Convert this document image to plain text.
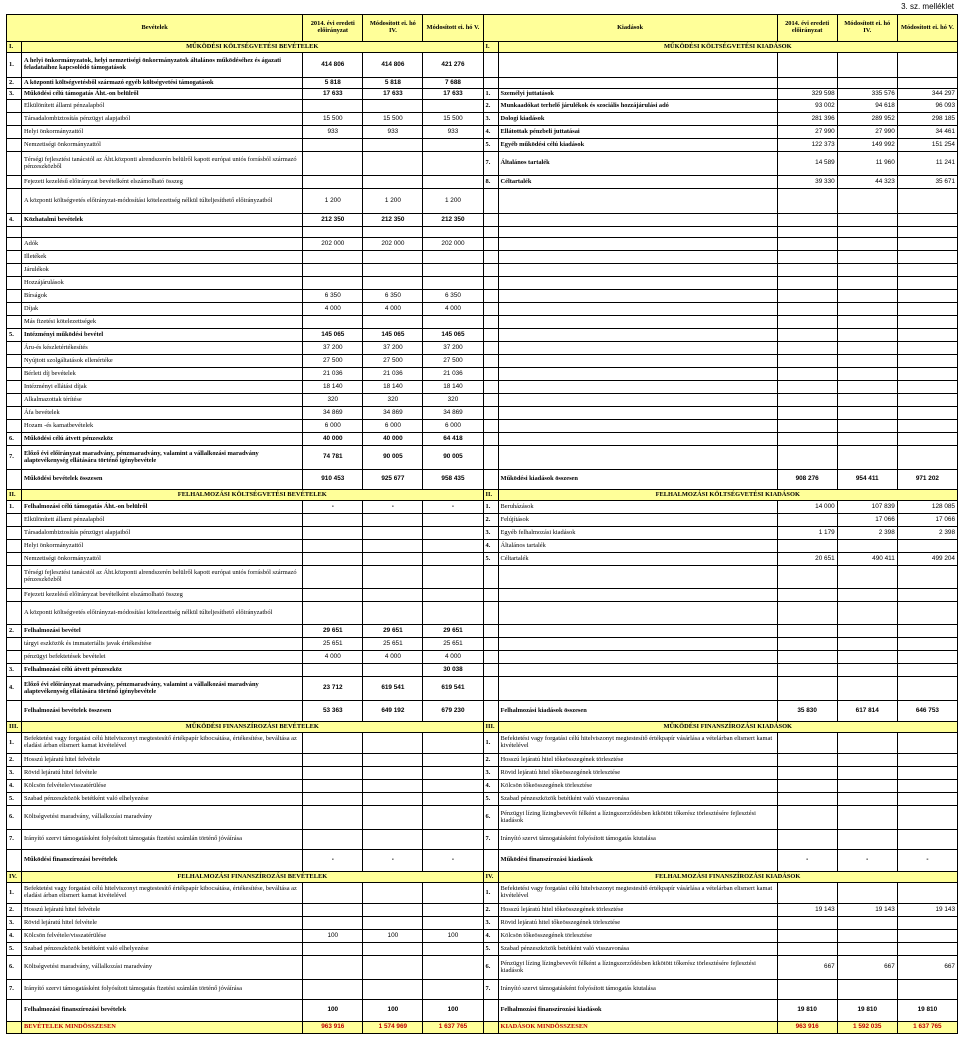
3. sz. melléklet
Bevételek		2014. évi eredeti előirányzat	Módosított ei. hó IV.	Módosított ei. hó V.	Kiadások		2014. évi eredeti előirányzat	Módosított ei. hó IV.	Módosított ei. hó V.
I.	MŰKÖDÉSI KÖLTSÉGVETÉSI BEVÉTELEK				I.	MŰKÖDÉSI KÖLTSÉGVETÉSI KIADÁSOK			
1.	A helyi önkormányzatok, helyi nemzetiségi önkormányzatok általános működéséhez és ágazati feladataihoz kapcsolódó támogatások	414 806	414 806	421 276					
2.	A központi költségvetésből származó egyéb költségvetési támogatások	5 818	5 818	7 688					
3.	Működési célú támogatás Áht.-on belülről	17 633	17 633	17 633	1.	Személyi juttatások	329 598	335 576	344 297
	Elkülönített állami pénzalapból				2.	Munkaadókat terhelő járulékok és szociális hozzájárulási adó	93 002	94 618	96 093
	Társadalombiztosítás pénzügyi alapjaiból	15 500	15 500	15 500	3.	Dologi kiadások	281 396	289 952	298 185
	Helyi önkormányzattól	933	933	933	4.	Ellátottak pénzbeli juttatásai	27 990	27 990	34 461
	Nemzetiségi önkormányzattól				5.	Egyéb működési célú kiadások	122 373	149 992	151 254
	Térségi fejlesztési tanácstól az Áht.központi alrendszerén belülről kapott európai uniós forrásból származó pénzeszközből				7.	Általános tartalék	14 589	11 960	11 241
	Fejezeti kezelésű előirányzat bevételként elszámolható összeg				8.	Céltartalék	39 330	44 323	35 671
	A központi költségvetés előirányzat-módosítási kötelezettség nélkül túlteljesíthető előirányzatból	1 200	1 200	1 200					
4.	Közhatalmi bevételek	212 350	212 350	212 350					

	Adók	202 000	202 000	202 000					
	Illetékek								
	Járulékok								
	Hozzájárulások								
	Bírságok	6 350	6 350	6 350					
	Díjak	4 000	4 000	4 000					
	Más fizetési kötelezettségek								
5.	Intézményi működési bevétel	145 065	145 065	145 065					
	Áru-és készletértékesítés	37 200	37 200	37 200					
	Nyújtott szolgáltatások ellenértéke	27 500	27 500	27 500					
	Bérleti díj bevételek	21 036	21 036	21 036					
	Intézményi ellátási díjak	18 140	18 140	18 140					
	Alkalmazottak térítése	320	320	320					
	Áfa bevételek	34 869	34 869	34 869					
	Hozam -és kamatbevételek	6 000	6 000	6 000					
6.	Működési célú átvett pénzeszköz	40 000	40 000	64 418					
7.	Előző évi előirányzat maradvány, pénzmaradvány, valamint a vállalkozási maradvány alaptevékenység ellátására történő igénybevétele	74 781	90 005	90 005					
	Működési bevételek összesen	910 453	925 677	958 435		Működési kiadások összesen	908 276	954 411	971 202
II.	FELHALMOZÁSI KÖLTSÉGVETÉSI BEVÉTELEK				II.	FELHALMOZÁSI KÖLTSÉGVETÉSI KIADÁSOK			
1.	Felhalmozási célú támogatás Áht.-on belülről	-	-	-	1.	Beruházások	14 000	107 839	128 085
	Elkülönített állami pénzalapból				2.	Felújítások		17 066	17 066
	Társadalombiztosítás pénzügyi alapjaiból				3.	Egyéb felhalmozási kiadások	1 179	2 398	2 398
	Helyi önkormányzattól				4.	Általános tartalék			
	Nemzetiségi önkormányzattól				5.	Céltartalék	20 651	490 411	499 204
	Térségi fejlesztési tanácstól az Áht.központi alrendszerén belülről kapott európai uniós forrásból származó pénzeszközből								
	Fejezeti kezelésű előirányzat bevételként elszámolható összeg								
	A központi költségvetés előirányzat-módosítási kötelezettség nélkül túlteljesíthető előirányzatból								
2.	Felhalmozási bevétel	29 651	29 651	29 651					
	tárgyi eszközök és immateriális javak értékesítése	25 651	25 651	25 651					
	pénzügyi befektetések bevételei	4 000	4 000	4 000					
3.	Felhalmozási célú átvett pénzeszköz			30 038					
4.	Előző évi előirányzat maradvány, pénzmaradvány, valamint a vállalkozási maradvány alaptevékenység ellátására történő igénybevétele	23 712	619 541	619 541					
	Felhalmozási bevételek összesen	53 363	649 192	679 230		Felhalmozási kiadások összesen	35 830	617 814	646 753
III.	MŰKÖDÉSI FINANSZÍROZÁSI BEVÉTELEK				III.	MŰKÖDÉSI FINANSZÍROZÁSI KIADÁSOK			
1.	Befektetési vagy forgatási célú hitelviszonyt megtestesítő értékpapír kibocsátása, értékesítése, beváltása az eladási árban elismert kamat kivételével				1.	Befektetési vagy forgatási célú hitelviszonyt megtestesítő értékpapír vásárlása a vételárban elismert kamat kivételével			
2.	Hosszú lejáratú hitel felvétele				2.	Hosszú lejáratú hitel tőkeösszegének törlesztése			
3.	Rövid lejáratú hitel felvétele				3.	Rövid lejáratú hitel tőkeösszegének törlesztése			
4.	Kölcsön felvétele/visszatérülése				4.	Kölcsön tőkeösszegének törlesztése			
5.	Szabad pénzeszközök betétként való elhelyezése				5.	Szabad pénzeszközök betétként való visszavonása			
6.	Költségvetési maradvány, vállalkozási maradvány				6.	Pénzügyi lízing lízingbevevői félként a lízingszerződésben kikötött tőkerész törlesztésére fejlesztési kiadások			
7.	Irányító szervi támogatásként folyósított támogatás fizetési számlán történő jóváírása				7.	Irányító szervi támogatásként folyósított támogatás kiutalása			
	Működési finanszírozási bevételek	-	-	-		Működési finanszírozási kiadások	-	-	-
IV.	FELHALMOZÁSI FINANSZÍROZÁSI BEVÉTELEK				IV.	FELHALMOZÁSI FINANSZÍROZÁSI KIADÁSOK			
1.	Befektetési vagy forgatási célú hitelviszonyt megtestesítő értékpapír kibocsátása, értékesítése, beváltása az eladási árban elismert kamat kivételével				1.	Befektetési vagy forgatási célú hitelviszonyt megtestesítő értékpapír vásárlása a vételárban elismert kamat kivételével			
2.	Hosszú lejáratú hitel felvétele				2.	Hosszú lejáratú hitel tőkeösszegének törlesztése	19 143	19 143	19 143
3.	Rövid lejáratú hitel felvétele				3.	Rövid lejáratú hitel tőkeösszegének törlesztése			
4.	Kölcsön felvétele/visszatérülése	100	100	100	4.	Kölcsön tőkeösszegének törlesztése			
5.	Szabad pénzeszközök betétként való elhelyezése				5.	Szabad pénzeszközök betétként való visszavonása			
6.	Költségvetési maradvány, vállalkozási maradvány				6.	Pénzügyi lízing lízingbevevői félként a lízingszerződésben kikötött tőkerész törlesztésére fejlesztési kiadások	667	667	667
7.	Irányító szervi támogatásként folyósított támogatás fizetési számlán történő jóváírása				7.	Irányító szervi támogatásként folyósított támogatás kiutalása			
	Felhalmozási finanszírozási bevételek	100	100	100		Felhalmozási finanszírozási kiadások	19 810	19 810	19 810
	BEVÉTELEK MINDÖSSZESEN	963 916	1 574 969	1 637 765		KIADÁSOK MINDÖSSZESEN	963 916	1 592 035	1 637 765
